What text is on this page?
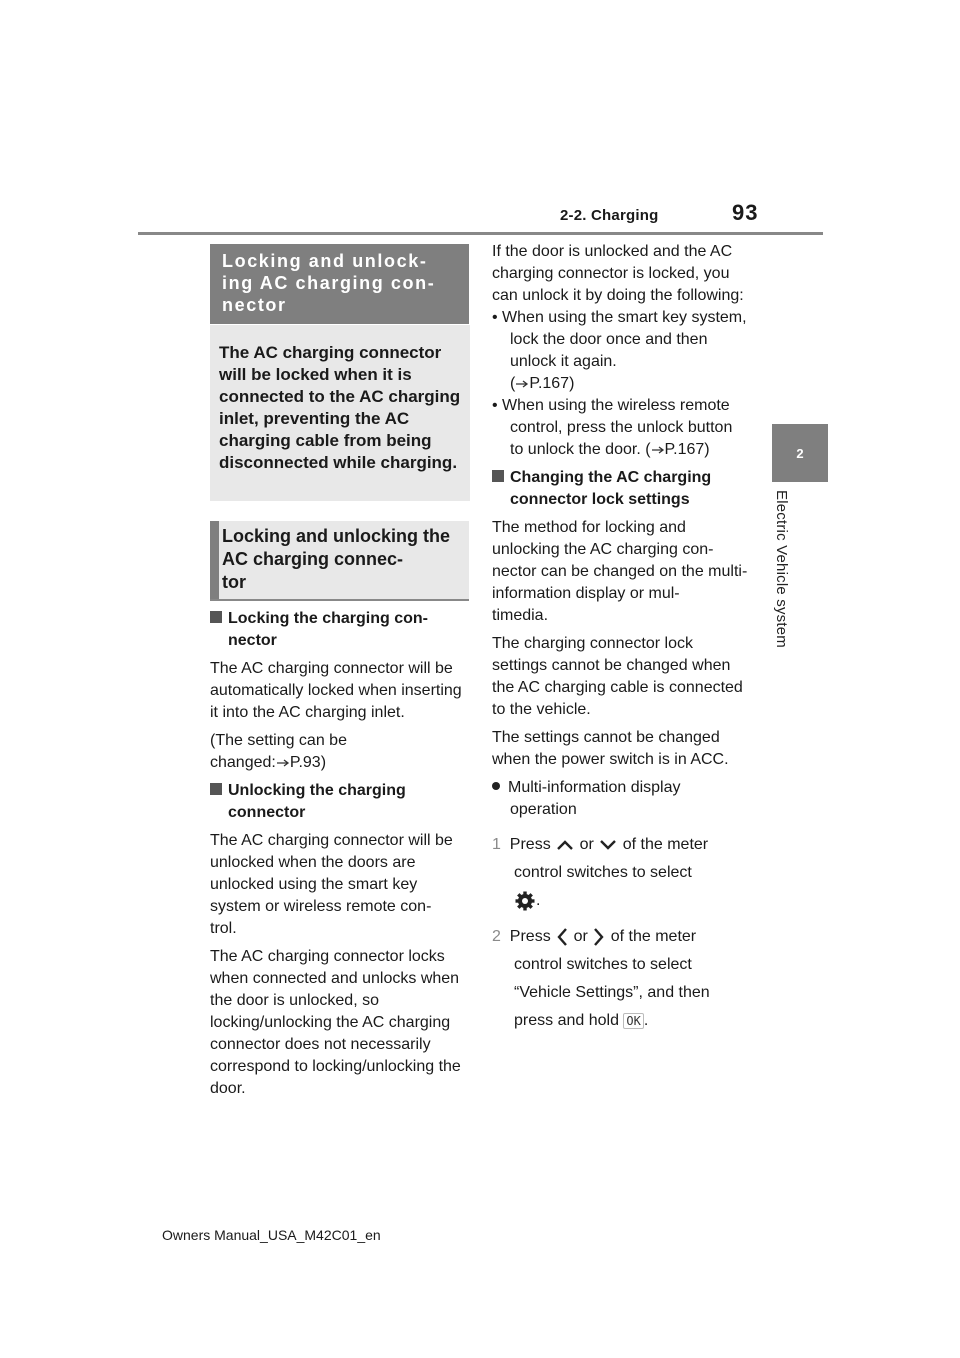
2-2. Charging	93
2
Electric Vehicle system
Locking and unlock-
ing AC charging con-
nector
The AC charging connector will be locked when it is connected to the AC charging inlet, preventing the AC charging cable from being disconnected while charging.
Locking and unlocking the AC charging connec-
tor
Locking the charging con-
nector
The AC charging connector will be automatically locked when inserting it into the AC charging inlet.
(The setting can be
changed: P.93)
Unlocking the charging
connector
The AC charging connector will be unlocked when the doors are unlocked using the smart key system or wireless remote con-
trol.
The AC charging connector locks when connected and unlocks when the door is unlocked, so locking/unlocking the AC charging connector does not necessarily correspond to locking/unlocking the door.
If the door is unlocked and the AC charging connector is locked, you can unlock it by doing the following:
• When using the smart key system, lock the door once and then unlock it again.
( P.167)
• When using the wireless remote control, press the unlock button to unlock the door. ( P.167)
Changing the AC charging
connector lock settings
The method for locking and unlocking the AC charging con-
nector can be changed on the multi-information display or mul-
timedia.
The charging connector lock settings cannot be changed when the AC charging cable is connected to the vehicle.
The settings cannot be changed when the power switch is in ACC.
Multi-information display
operation
1 Press or of the meter
control switches to select
.
2 Press or of the meter
control switches to select
“Vehicle Settings”, and then
press and hold OK .
Owners Manual_USA_M42C01_en
